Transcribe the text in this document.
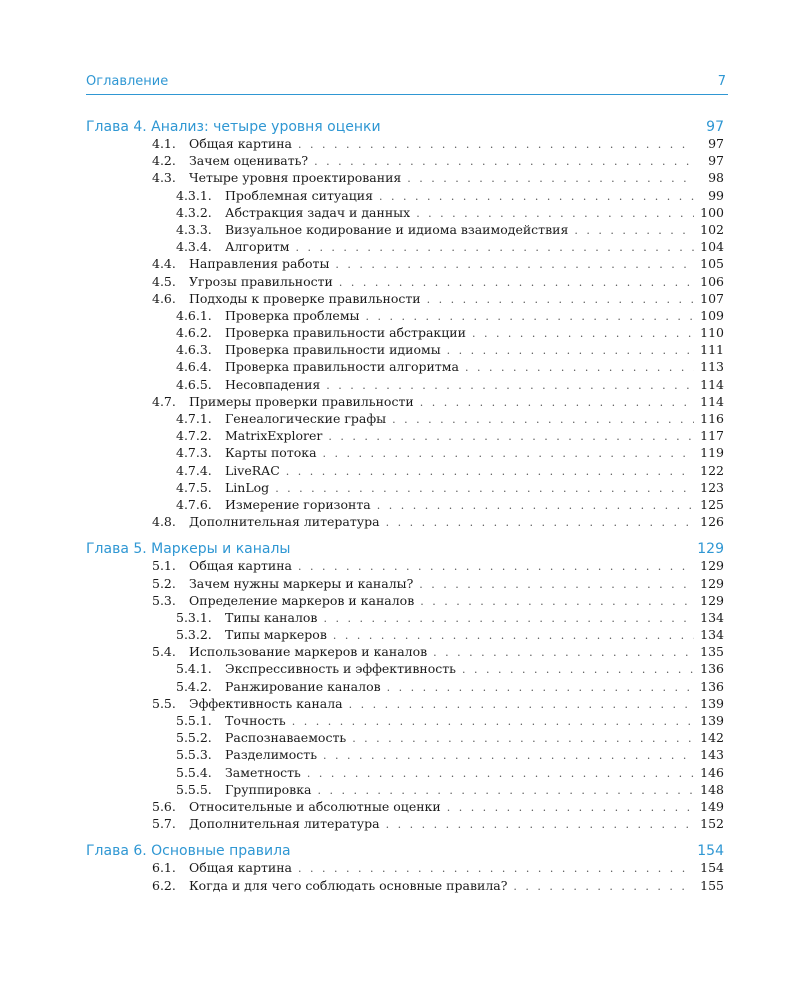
Оглавление	7
Глава 4. Анализ: четыре уровня оценки	97
4.1.	Общая картина . . .	97
4.2.	Зачем оценивать? . . .	97
4.3.	Четыре уровня проектирования . . .	98
4.3.1.	Проблемная ситуация . . .	99
4.3.2.	Абстракция задач и данных . . .	100
4.3.3.	Визуальное кодирование и идиома взаимодействия . . .	102
4.3.4.	Алгоритм . . .	104
4.4.	Направления работы . . .	105
4.5.	Угрозы правильности . . .	106
4.6.	Подходы к проверке правильности . . .	107
4.6.1.	Проверка проблемы . . .	109
4.6.2.	Проверка правильности абстракции . . .	110
4.6.3.	Проверка правильности идиомы . . .	111
4.6.4.	Проверка правильности алгоритма . . .	113
4.6.5.	Несовпадения . . .	114
4.7.	Примеры проверки правильности . . .	114
4.7.1.	Генеалогические графы . . .	116
4.7.2.	MatrixExplorer . . .	117
4.7.3.	Карты потока . . .	119
4.7.4.	LiveRAC . . .	122
4.7.5.	LinLog . . .	123
4.7.6.	Измерение горизонта . . .	125
4.8.	Дополнительная литература . . .	126
Глава 5. Маркеры и каналы	129
5.1.	Общая картина . . .	129
5.2.	Зачем нужны маркеры и каналы? . . .	129
5.3.	Определение маркеров и каналов . . .	129
5.3.1.	Типы каналов . . .	134
5.3.2.	Типы маркеров . . .	134
5.4.	Использование маркеров и каналов . . .	135
5.4.1.	Экспрессивность и эффективность . . .	136
5.4.2.	Ранжирование каналов . . .	136
5.5.	Эффективность канала . . .	139
5.5.1.	Точность . . .	139
5.5.2.	Распознаваемость . . .	142
5.5.3.	Разделимость . . .	143
5.5.4.	Заметность . . .	146
5.5.5.	Группировка . . .	148
5.6.	Относительные и абсолютные оценки . . .	149
5.7.	Дополнительная литература . . .	152
Глава 6. Основные правила	154
6.1.	Общая картина . . .	154
6.2.	Когда и для чего соблюдать основные правила? . . .	155
